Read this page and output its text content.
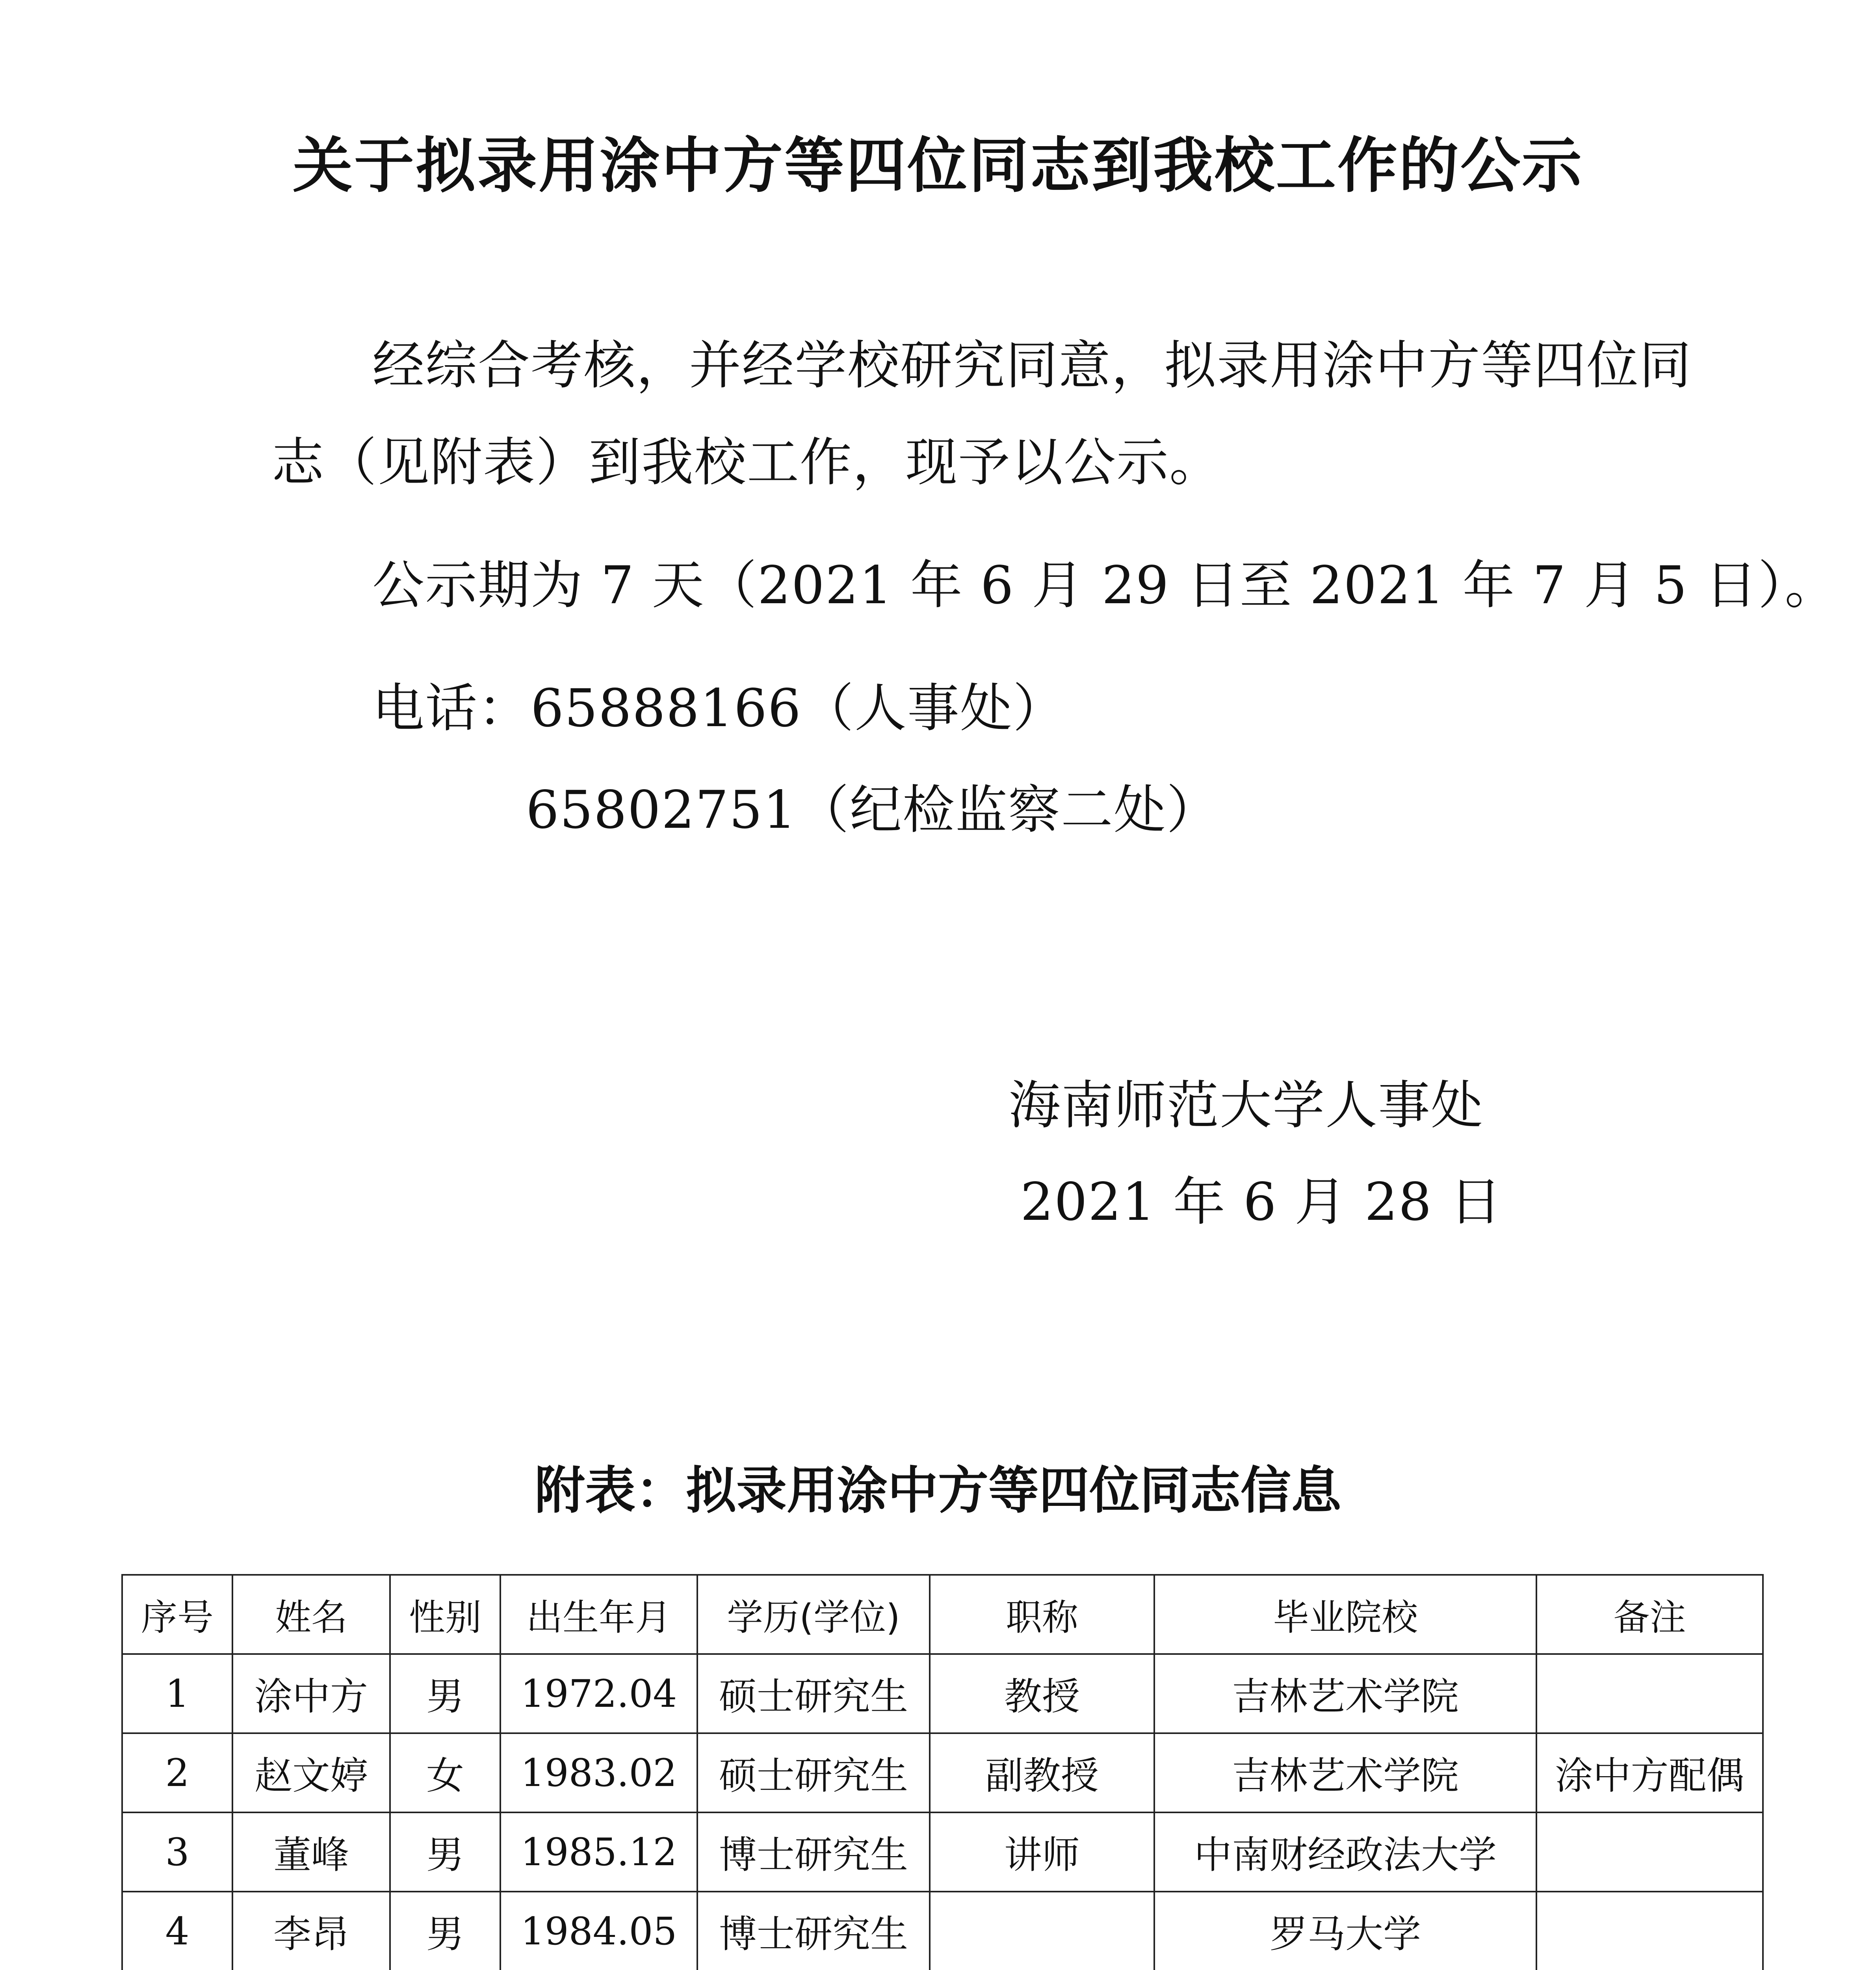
关于拟录用涂中方等四位同志到我校工作的公示
经综合考核，并经学校研究同意，拟录用涂中方等四位同
志（见附表）到我校工作，现予以公示。
公示期为 7 天（2021 年 6 月 29 日至 2021 年 7 月 5 日）。
电话：65888166（人事处）
65802751（纪检监察二处）
海南师范大学人事处
2021 年 6 月 28 日
附表：拟录用涂中方等四位同志信息
序号	姓名	性别	出生年月	学历(学位)	职称	毕业院校	备注
1	涂中方	男	1972.04	硕士研究生	教授	吉林艺术学院	
2	赵文婷	女	1983.02	硕士研究生	副教授	吉林艺术学院	涂中方配偶
3	董峰	男	1985.12	博士研究生	讲师	中南财经政法大学	
4	李昂	男	1984.05	博士研究生		罗马大学	
